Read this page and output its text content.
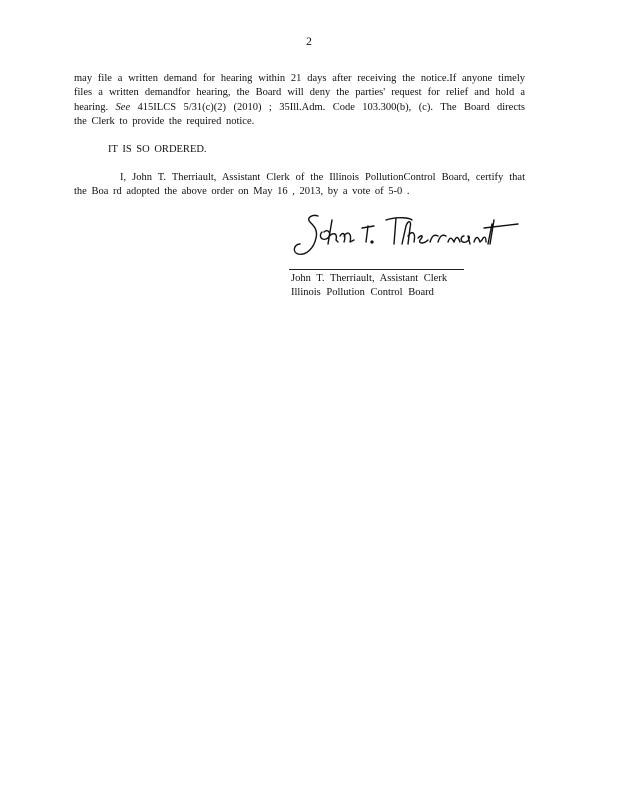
2
may file a written demand for hearing within 21 days after receiving the notice.If anyone timely
files a written demandfor hearing, the Board will deny the parties' request for relief and hold a
hearing. See 415ILCS 5/31(c)(2) (2010) ; 35Ill.Adm. Code 103.300(b), (c). The Board directs
the Clerk to provide the required notice.
IT IS SO ORDERED.
I, John T. Therriault, Assistant Clerk of the Illinois PollutionControl Board, certify that
the Boa rd adopted the above order on May 16 , 2013, by a vote of 5-0 .
John T. Therriault, Assistant Clerk
Illinois Pollution Control Board
